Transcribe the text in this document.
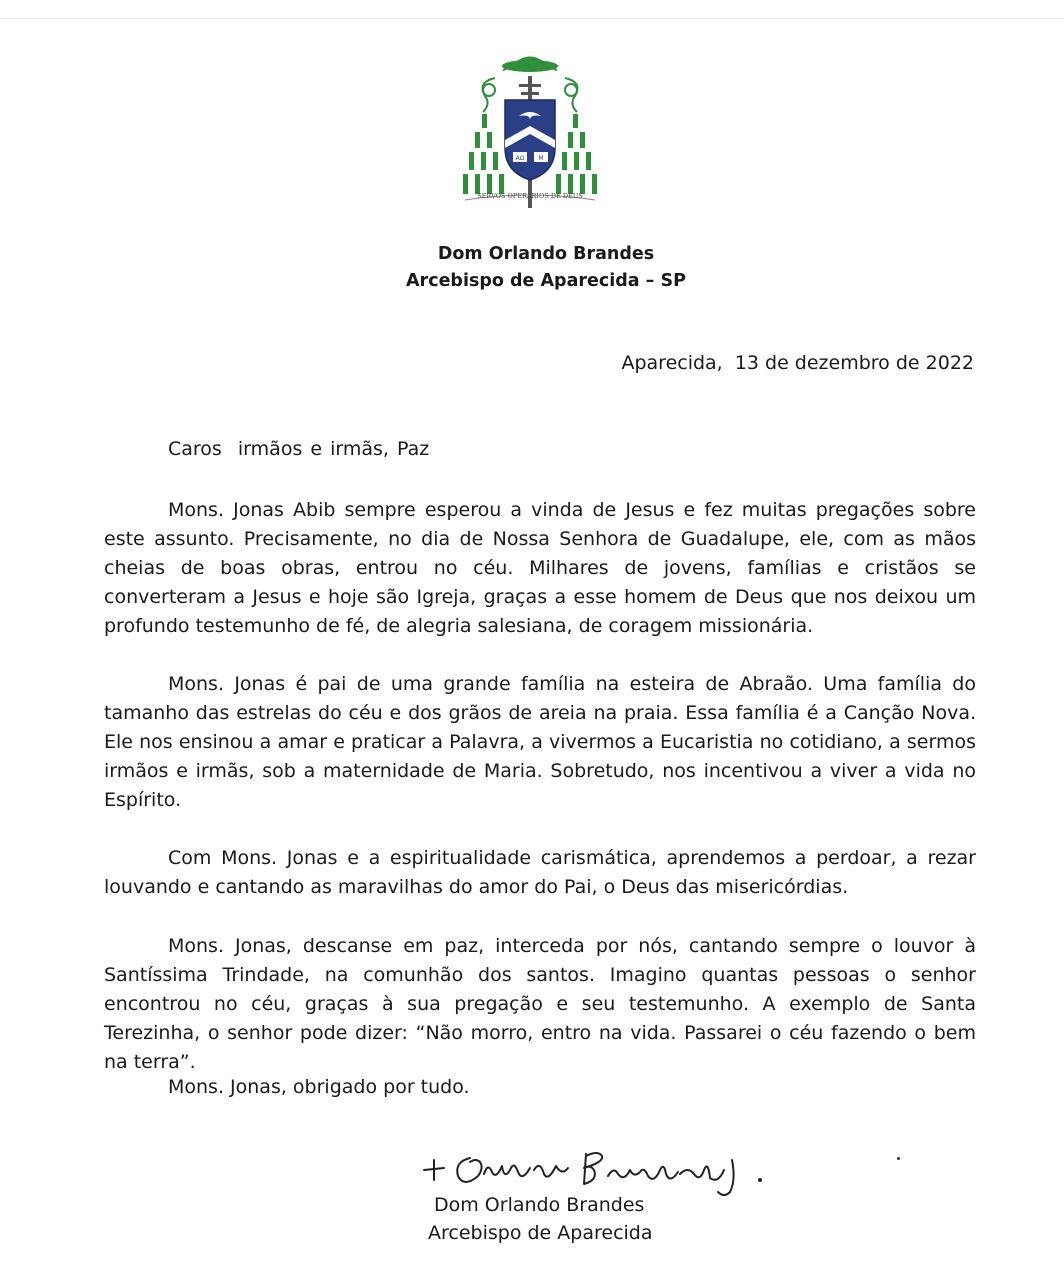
AΩ M
SERVOS OPERARIOS DE DEUS
Dom Orlando Brandes
Arcebispo de Aparecida – SP
Aparecida,  13 de dezembro de 2022
Caros  irmãos e irmãs, Paz
Mons. Jonas Abib sempre esperou a vinda de Jesus e fez muitas pregações sobre este assunto. Precisamente, no dia de Nossa Senhora de Guadalupe, ele, com as mãos cheias de boas obras, entrou no céu. Milhares de jovens, famílias e cristãos se converteram a Jesus e hoje são Igreja, graças a esse homem de Deus que nos deixou um profundo testemunho de fé, de alegria salesiana, de coragem missionária.
Mons. Jonas é pai de uma grande família na esteira de Abraão. Uma família do tamanho das estrelas do céu e dos grãos de areia na praia. Essa família é a Canção Nova. Ele nos ensinou a amar e praticar a Palavra, a vivermos a Eucaristia no cotidiano, a sermos irmãos e irmãs, sob a maternidade de Maria. Sobretudo, nos incentivou a viver a vida no Espírito.
Com Mons. Jonas e a espiritualidade carismática, aprendemos a perdoar, a rezar louvando e cantando as maravilhas do amor do Pai, o Deus das misericórdias.
Mons. Jonas, descanse em paz, interceda por nós, cantando sempre o louvor à Santíssima Trindade, na comunhão dos santos. Imagino quantas pessoas o senhor encontrou no céu, graças à sua pregação e seu testemunho. A exemplo de Santa Terezinha, o senhor pode dizer: “Não morro, entro na vida. Passarei o céu fazendo o bem na terra”.
Mons. Jonas, obrigado por tudo.
Dom Orlando Brandes
Arcebispo de Aparecida
